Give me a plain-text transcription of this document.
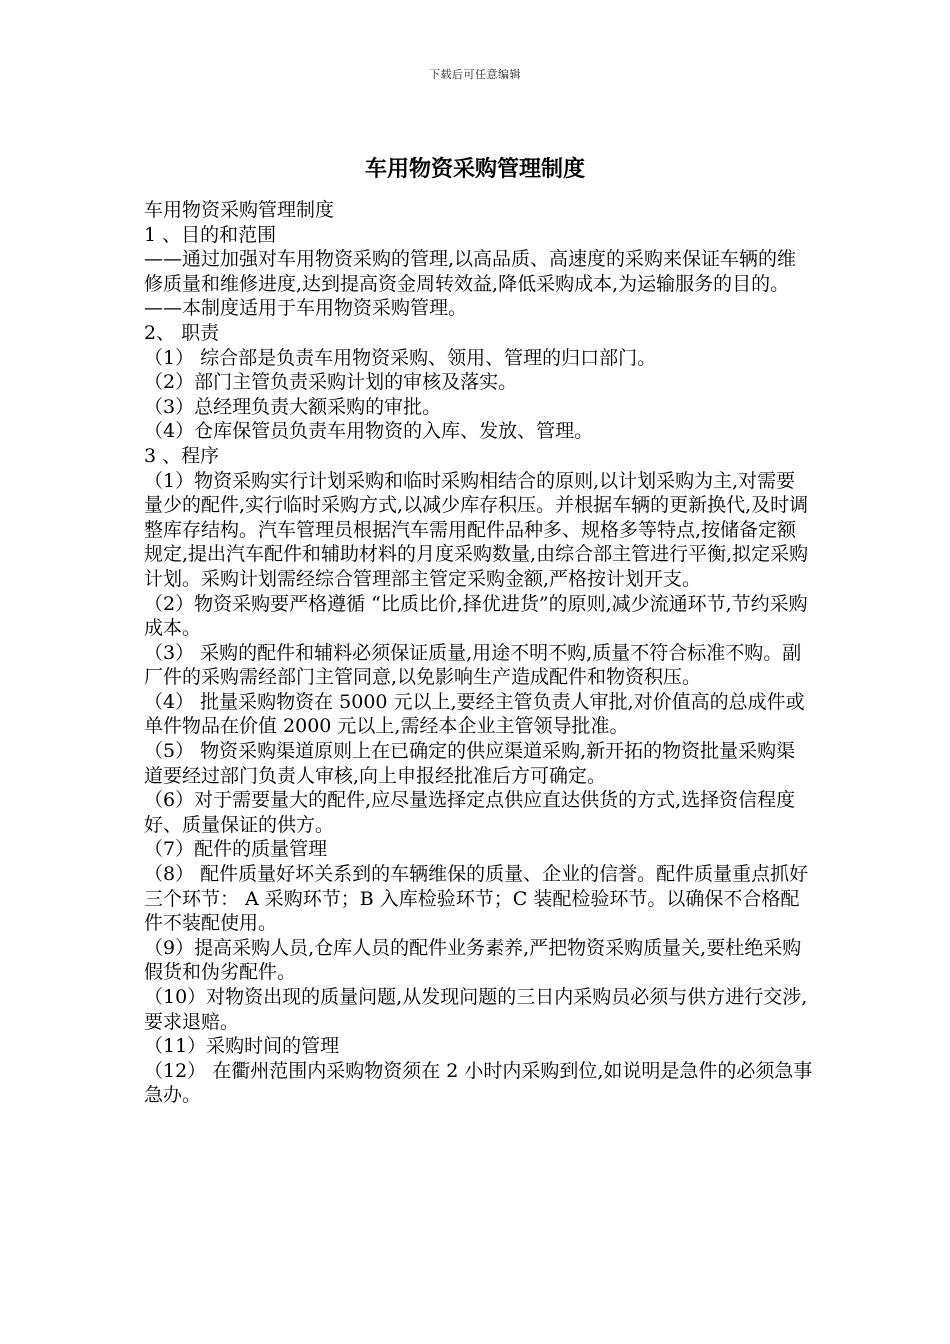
下载后可任意编辑
车用物资采购管理制度

车用物资采购管理制度

1 、目的和范围

——通过加强对车用物资采购的管理,以高品质、高速度的采购来保证车辆的维修质量和维修进度,达到提高资金周转效益,降低采购成本,为运输服务的目的。

——本制度适用于车用物资采购管理。

2、 职责

（1） 综合部是负责车用物资采购、领用、管理的归口部门。

（2）部门主管负责采购计划的审核及落实。

（3）总经理负责大额采购的审批。

（4）仓库保管员负责车用物资的入库、发放、管理。

3 、程序

（1）物资采购实行计划采购和临时采购相结合的原则,以计划采购为主,对需要量少的配件,实行临时采购方式,以减少库存积压。并根据车辆的更新换代,及时调整库存结构。汽车管理员根据汽车需用配件品种多、规格多等特点,按储备定额规定,提出汽车配件和辅助材料的月度采购数量,由综合部主管进行平衡,拟定采购计划。采购计划需经综合管理部主管定采购金额,严格按计划开支。

（2）物资采购要严格遵循 “比质比价,择优进货”的原则,减少流通环节,节约采购成本。

（3） 采购的配件和辅料必须保证质量,用途不明不购,质量不符合标准不购。副厂件的采购需经部门主管同意,以免影响生产造成配件和物资积压。

（4） 批量采购物资在 5000 元以上,要经主管负责人审批,对价值高的总成件或单件物品在价值 2000 元以上,需经本企业主管领导批准。

（5） 物资采购渠道原则上在已确定的供应渠道采购,新开拓的物资批量采购渠道要经过部门负责人审核,向上申报经批准后方可确定。

（6）对于需要量大的配件,应尽量选择定点供应直达供货的方式,选择资信程度好、质量保证的供方。

（7）配件的质量管理

（8） 配件质量好坏关系到的车辆维保的质量、企业的信誉。配件质量重点抓好三个环节： A 采购环节；B 入库检验环节；C 装配检验环节。以确保不合格配件不装配使用。

（9）提高采购人员,仓库人员的配件业务素养,严把物资采购质量关,要杜绝采购假货和伪劣配件。

（10）对物资出现的质量问题,从发现问题的三日内采购员必须与供方进行交涉,要求退赔。

（11）采购时间的管理

（12） 在衢州范围内采购物资须在 2 小时内采购到位,如说明是急件的必须急事急办。
